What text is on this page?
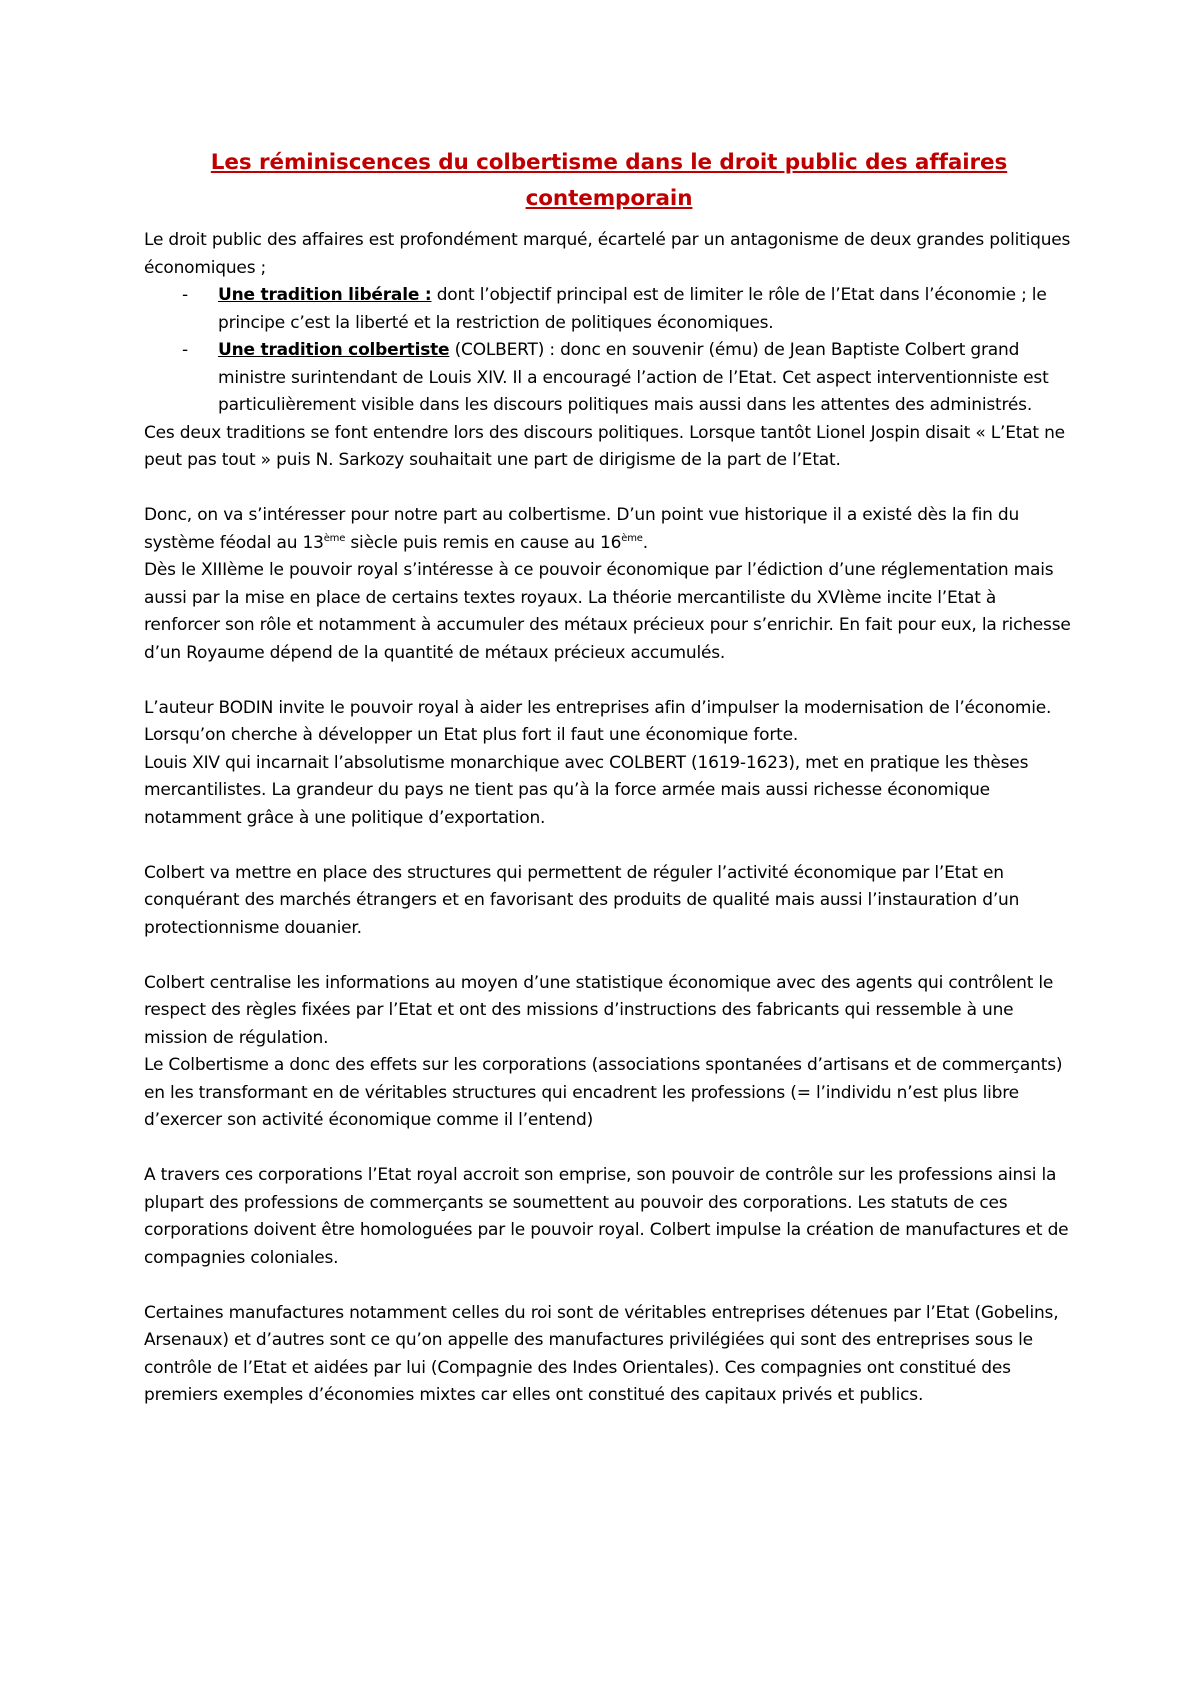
Les réminiscences du colbertisme dans le droit public des affaires contemporain

Le droit public des affaires est profondément marqué, écartelé par un antagonisme de deux grandes politiques économiques ;

- Une tradition libérale : dont l’objectif principal est de limiter le rôle de l’Etat dans l’économie ; le principe c’est la liberté et la restriction de politiques économiques.
- Une tradition colbertiste (COLBERT) : donc en souvenir (ému) de Jean Baptiste Colbert grand ministre surintendant de Louis XIV. Il a encouragé l’action de l’Etat. Cet aspect interventionniste est particulièrement visible dans les discours politiques mais aussi dans les attentes des administrés.

Ces deux traditions se font entendre lors des discours politiques. Lorsque tantôt Lionel Jospin disait « L’Etat ne peut pas tout » puis N. Sarkozy souhaitait une part de dirigisme de la part de l’Etat.

Donc, on va s’intéresser pour notre part au colbertisme. D’un point vue historique il a existé dès la fin du système féodal au 13ème siècle puis remis en cause au 16ème.

Dès le XIIIème le pouvoir royal s’intéresse à ce pouvoir économique par l’édiction d’une réglementation mais aussi par la mise en place de certains textes royaux. La théorie mercantiliste du XVIème incite l’Etat à renforcer son rôle et notamment à accumuler des métaux précieux pour s’enrichir. En fait pour eux, la richesse d’un Royaume dépend de la quantité de métaux précieux accumulés.

L’auteur BODIN invite le pouvoir royal à aider les entreprises afin d’impulser la modernisation de l’économie. Lorsqu’on cherche à développer un Etat plus fort il faut une économique forte.

Louis XIV qui incarnait l’absolutisme monarchique avec COLBERT (1619-1623), met en pratique les thèses mercantilistes. La grandeur du pays ne tient pas qu’à la force armée mais aussi richesse économique notamment grâce à une politique d’exportation.

Colbert va mettre en place des structures qui permettent de réguler l’activité économique par l’Etat en conquérant des marchés étrangers et en favorisant des produits de qualité mais aussi l’instauration d’un protectionnisme douanier.

Colbert centralise les informations au moyen d’une statistique économique avec des agents qui contrôlent le respect des règles fixées par l’Etat et ont des missions d’instructions des fabricants qui ressemble à une mission de régulation.

Le Colbertisme a donc des effets sur les corporations (associations spontanées d’artisans et de commerçants) en les transformant en de véritables structures qui encadrent les professions (= l’individu n’est plus libre d’exercer son activité économique comme il l’entend)

A travers ces corporations l’Etat royal accroit son emprise, son pouvoir de contrôle sur les professions ainsi la plupart des professions de commerçants se soumettent au pouvoir des corporations. Les statuts de ces corporations doivent être homologuées par le pouvoir royal. Colbert impulse la création de manufactures et de compagnies coloniales.

Certaines manufactures notamment celles du roi sont de véritables entreprises détenues par l’Etat (Gobelins, Arsenaux) et d’autres sont ce qu’on appelle des manufactures privilégiées qui sont des entreprises sous le contrôle de l’Etat et aidées par lui (Compagnie des Indes Orientales). Ces compagnies ont constitué des premiers exemples d’économies mixtes car elles ont constitué des capitaux privés et publics.
